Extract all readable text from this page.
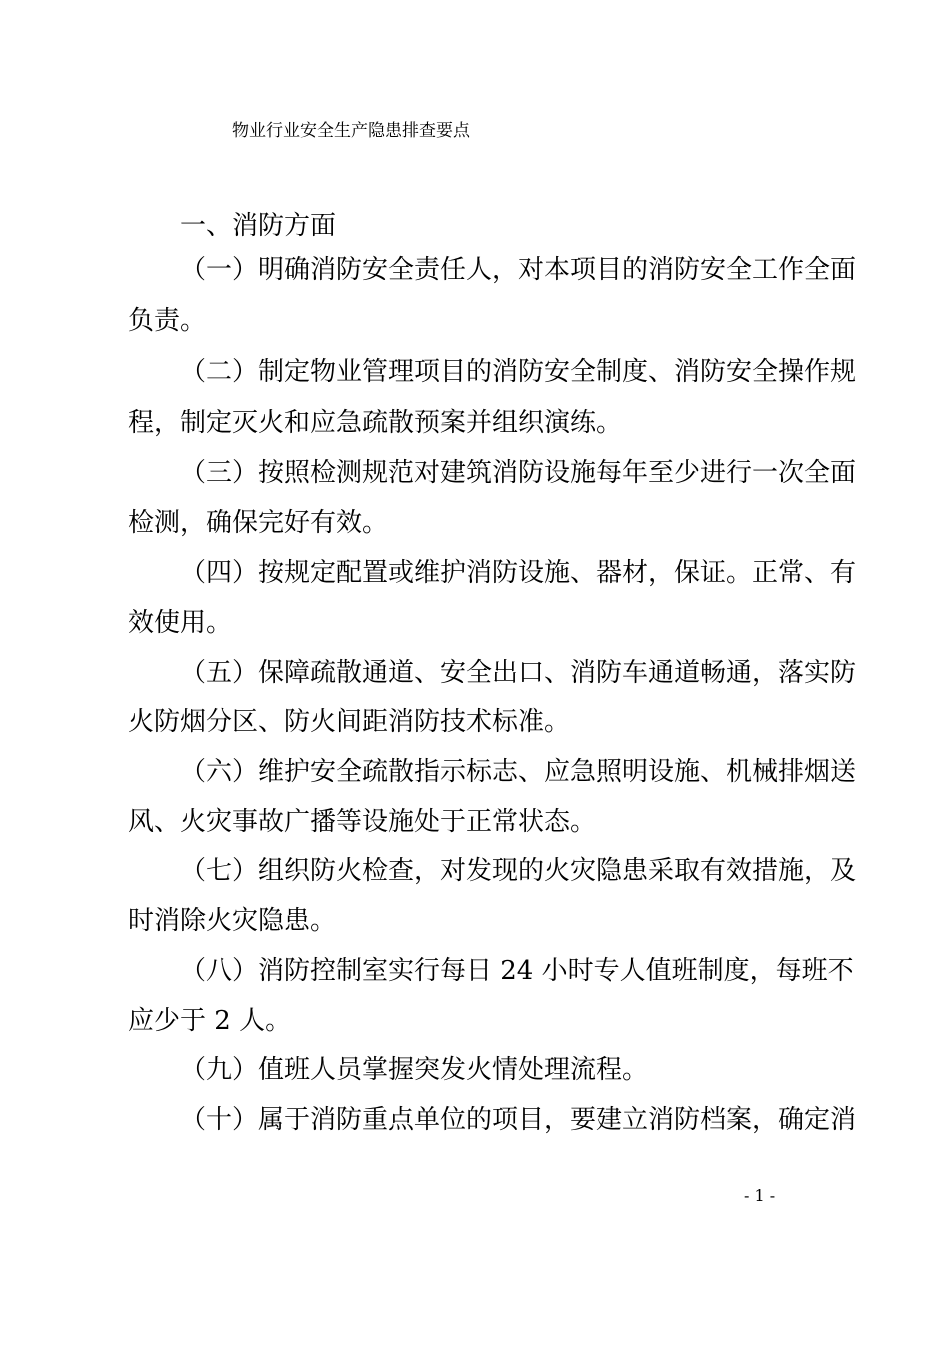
物业行业安全生产隐患排查要点
一、消防方面
（一）明确消防安全责任人，对本项目的消防安全工作全面
负责。
（二）制定物业管理项目的消防安全制度、消防安全操作规
程，制定灭火和应急疏散预案并组织演练。
（三）按照检测规范对建筑消防设施每年至少进行一次全面
检测，确保完好有效。
（四）按规定配置或维护消防设施、器材，保证。正常、有
效使用。
（五）保障疏散通道、安全出口、消防车通道畅通，落实防
火防烟分区、防火间距消防技术标准。
（六）维护安全疏散指示标志、应急照明设施、机械排烟送
风、火灾事故广播等设施处于正常状态。
（七）组织防火检查，对发现的火灾隐患采取有效措施，及
时消除火灾隐患。
（八）消防控制室实行每日 24 小时专人值班制度，每班不
应少于 2 人。
（九）值班人员掌握突发火情处理流程。
（十）属于消防重点单位的项目，要建立消防档案，确定消
- 1 -
